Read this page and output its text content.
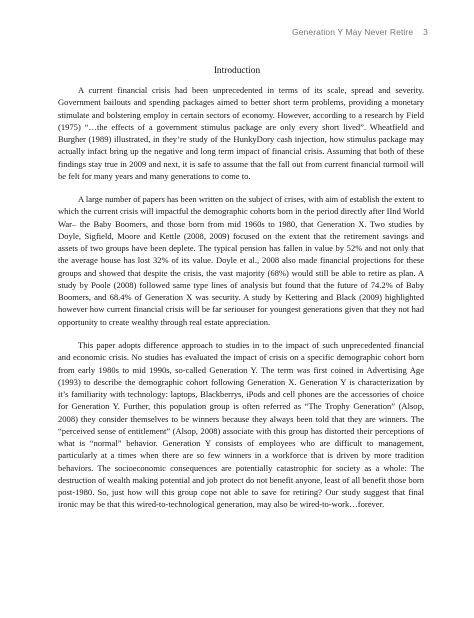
Generation Y May Never Retire 3
Introduction

A current financial crisis had been unprecedented in terms of its scale, spread and severity. Government bailouts and spending packages aimed to better short term problems, providing a monetary stimulate and bolstering employ in certain sectors of economy. However, according to a research by Field (1975) “…the effects of a government stimulus package are only every short lived”. Wheatfield and Burgher (1989) illustrated, in they’re study of the HunkyDory cash injection, how stimulus package may actually infact bring up the negative and long term impact of financial crisis. Assuming that both of these findings stay true in 2009 and next, it is safe to assume that the fall out from current financial turmoil will be felt for many years and many generations to come to.

A large number of papers has been written on the subject of crises, with aim of establish the extent to which the current crisis will impactful the demographic cohorts born in the period directly after IInd World War– the Baby Boomers, and those born from mid 1960s to 1980, that Generation X. Two studies by Doyle, Sigfield, Moore and Kettle (2008, 2009) focused on the extent that the retirement savings and assets of two groups have been deplete. The typical pension has fallen in value by 52% and not only that the average house has lost 32% of its value. Doyle et al., 2008 also made financial projections for these groups and showed that despite the crisis, the vast majority (68%) would still be able to retire as plan. A study by Poole (2008) followed same type lines of analysis but found that the future of 74.2% of Baby Boomers, and 68.4% of Generation X was security. A study by Kettering and Black (2009) highlighted however how current financial crisis will be far seriouser for youngest generations given that they not had opportunity to create wealthy through real estate appreciation.

This paper adopts difference approach to studies in to the impact of such unprecedented financial and economic crisis. No studies has evaluated the impact of crisis on a specific demographic cohort born from early 1980s to mid 1990s, so-called Generation Y. The term was first coined in Advertising Age (1993) to describe the demographic cohort following Generation X. Generation Y is characterization by it’s familiarity with technology: laptops, Blackberrys, iPods and cell phones are the accessories of choice for Generation Y. Further, this population group is often referred as “The Trophy Generation” (Alsop, 2008) they consider themselves to be winners because they always been told that they are winners. The “perceived sense of entitlement” (Alsop, 2008) associate with this group has distorted their perceptions of what is “normal” behavior. Generation Y consists of employees who are difficult to management, particularly at a times when there are so few winners in a workforce that is driven by more tradition behaviors. The socioeconomic consequences are potentially catastrophic for society as a whole: The destruction of wealth making potential and job protect do not benefit anyone, least of all benefit those born post-1980. So, just how will this group cope not able to save for retiring? Our study suggest that final ironic may be that this wired-to-technological generation, may also be wired-to-work…forever.
